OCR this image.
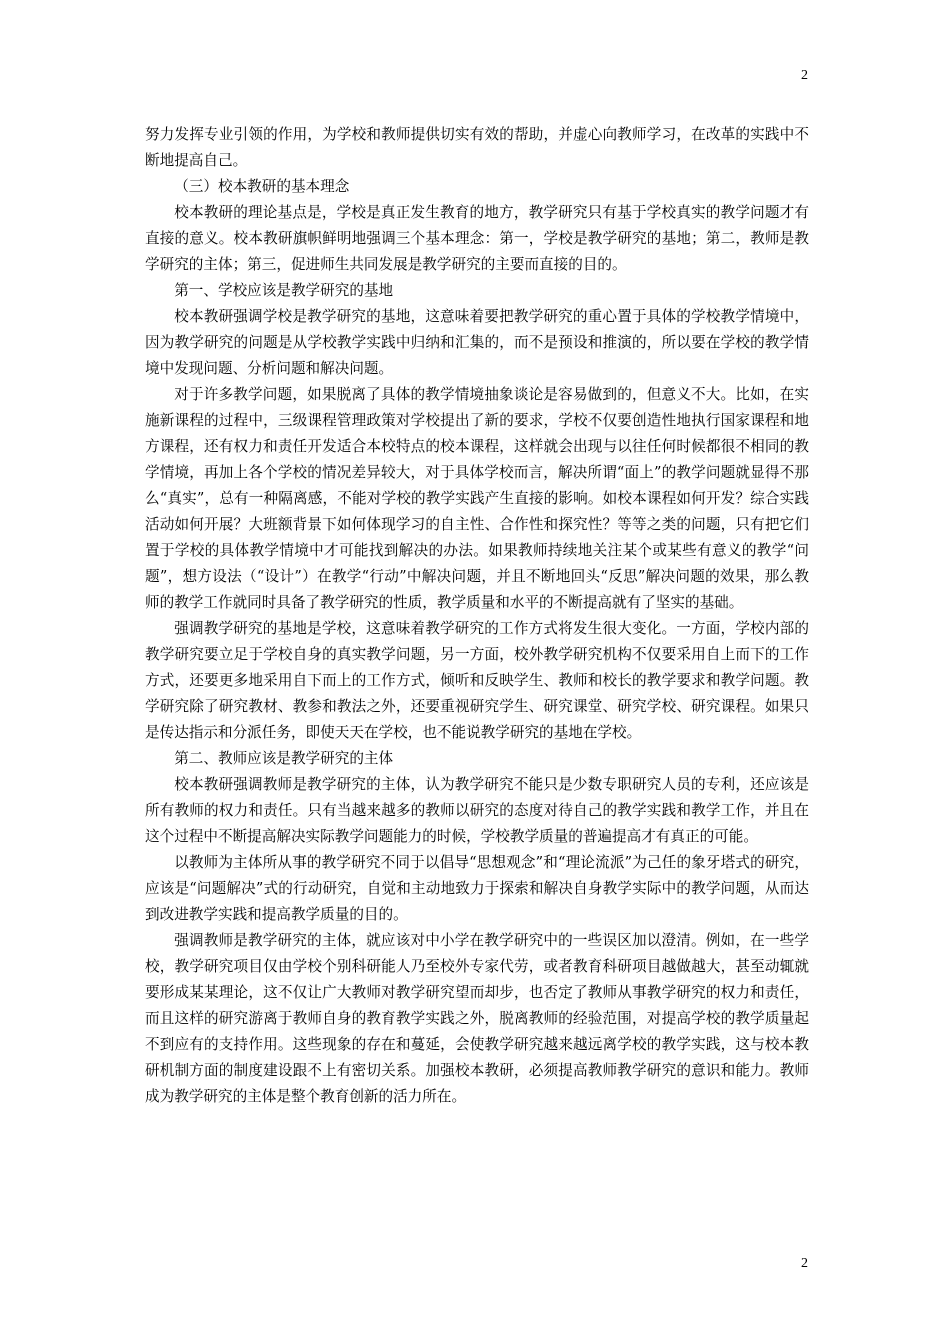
2

努力发挥专业引领的作用，为学校和教师提供切实有效的帮助，并虚心向教师学习，在改革的实践中不断地提高自己。

（三）校本教研的基本理念

校本教研的理论基点是，学校是真正发生教育的地方，教学研究只有基于学校真实的教学问题才有直接的意义。校本教研旗帜鲜明地强调三个基本理念：第一，学校是教学研究的基地；第二，教师是教学研究的主体；第三，促进师生共同发展是教学研究的主要而直接的目的。

第一、学校应该是教学研究的基地

校本教研强调学校是教学研究的基地，这意味着要把教学研究的重心置于具体的学校教学情境中，因为教学研究的问题是从学校教学实践中归纳和汇集的，而不是预设和推演的，所以要在学校的教学情境中发现问题、分析问题和解决问题。

对于许多教学问题，如果脱离了具体的教学情境抽象谈论是容易做到的，但意义不大。比如，在实施新课程的过程中，三级课程管理政策对学校提出了新的要求，学校不仅要创造性地执行国家课程和地方课程，还有权力和责任开发适合本校特点的校本课程，这样就会出现与以往任何时候都很不相同的教学情境，再加上各个学校的情况差异较大，对于具体学校而言，解决所谓“面上”的教学问题就显得不那么“真实”，总有一种隔离感，不能对学校的教学实践产生直接的影响。如校本课程如何开发？综合实践活动如何开展？大班额背景下如何体现学习的自主性、合作性和探究性？等等之类的问题，只有把它们置于学校的具体教学情境中才可能找到解决的办法。如果教师持续地关注某个或某些有意义的教学“问题”，想方设法（“设计”）在教学“行动”中解决问题，并且不断地回头“反思”解决问题的效果，那么教师的教学工作就同时具备了教学研究的性质，教学质量和水平的不断提高就有了坚实的基础。

强调教学研究的基地是学校，这意味着教学研究的工作方式将发生很大变化。一方面，学校内部的教学研究要立足于学校自身的真实教学问题，另一方面，校外教学研究机构不仅要采用自上而下的工作方式，还要更多地采用自下而上的工作方式，倾听和反映学生、教师和校长的教学要求和教学问题。教学研究除了研究教材、教参和教法之外，还要重视研究学生、研究课堂、研究学校、研究课程。如果只是传达指示和分派任务，即使天天在学校，也不能说教学研究的基地在学校。

第二、教师应该是教学研究的主体

校本教研强调教师是教学研究的主体，认为教学研究不能只是少数专职研究人员的专利，还应该是所有教师的权力和责任。只有当越来越多的教师以研究的态度对待自己的教学实践和教学工作，并且在这个过程中不断提高解决实际教学问题能力的时候，学校教学质量的普遍提高才有真正的可能。

以教师为主体所从事的教学研究不同于以倡导“思想观念”和“理论流派”为己任的象牙塔式的研究，应该是“问题解决”式的行动研究，自觉和主动地致力于探索和解决自身教学实际中的教学问题，从而达到改进教学实践和提高教学质量的目的。

强调教师是教学研究的主体，就应该对中小学在教学研究中的一些误区加以澄清。例如，在一些学校，教学研究项目仅由学校个别科研能人乃至校外专家代劳，或者教育科研项目越做越大，甚至动辄就要形成某某理论，这不仅让广大教师对教学研究望而却步，也否定了教师从事教学研究的权力和责任，而且这样的研究游离于教师自身的教育教学实践之外，脱离教师的经验范围，对提高学校的教学质量起不到应有的支持作用。这些现象的存在和蔓延，会使教学研究越来越远离学校的教学实践，这与校本教研机制方面的制度建设跟不上有密切关系。加强校本教研，必须提高教师教学研究的意识和能力。教师成为教学研究的主体是整个教育创新的活力所在。

2
